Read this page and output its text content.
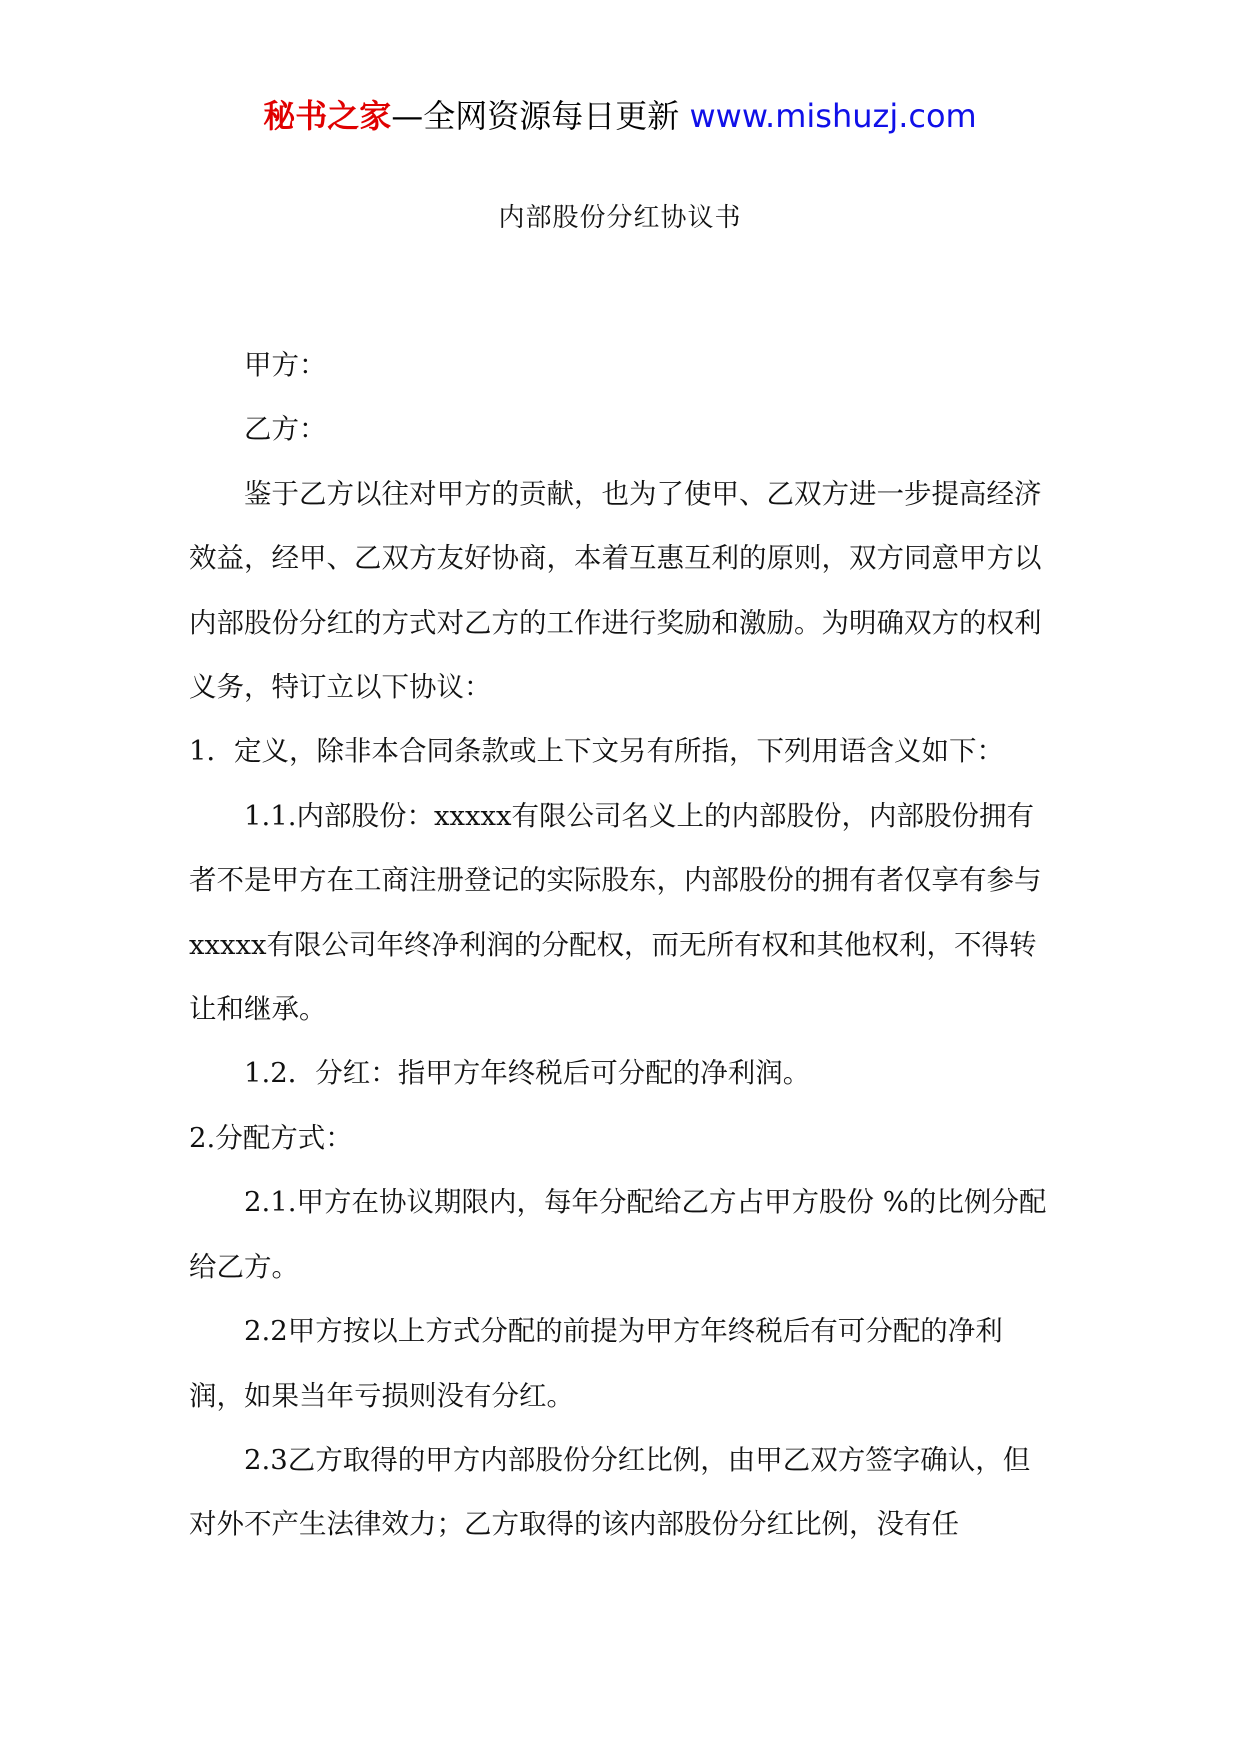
秘书之家—全网资源每日更新 www.mishuzj.com
内部股份分红协议书

甲方：

乙方：

鉴于乙方以往对甲方的贡献，也为了使甲、乙双方进一步提高经济效益，经甲、乙双方友好协商，本着互惠互利的原则，双方同意甲方以内部股份分红的方式对乙方的工作进行奖励和激励。为明确双方的权利义务，特订立以下协议：

1．定义，除非本合同条款或上下文另有所指，下列用语含义如下：

1.1.内部股份：xxxxx有限公司名义上的内部股份，内部股份拥有者不是甲方在工商注册登记的实际股东，内部股份的拥有者仅享有参与xxxxx有限公司年终净利润的分配权，而无所有权和其他权利，不得转让和继承。

1.2．分红：指甲方年终税后可分配的净利润。

2.分配方式：

2.1.甲方在协议期限内，每年分配给乙方占甲方股份 %的比例分配给乙方。

2.2甲方按以上方式分配的前提为甲方年终税后有可分配的净利润，如果当年亏损则没有分红。

2.3乙方取得的甲方内部股份分红比例，由甲乙双方签字确认，但对外不产生法律效力；乙方取得的该内部股份分红比例，没有任
